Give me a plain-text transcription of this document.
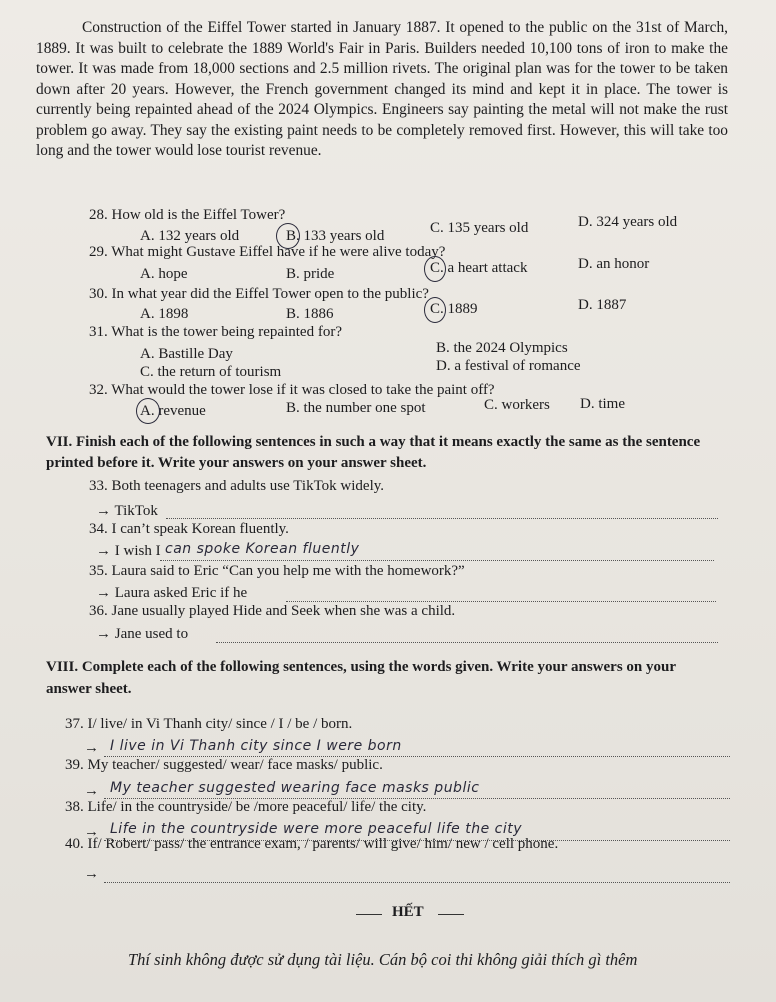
Construction of the Eiffel Tower started in January 1887. It opened to the public on the 31st of March, 1889. It was built to celebrate the 1889 World's Fair in Paris. Builders needed 10,100 tons of iron to make the tower. It was made from 18,000 sections and 2.5 million rivets. The original plan was for the tower to be taken down after 20 years. However, the French government changed its mind and kept it in place. The tower is currently being repainted ahead of the 2024 Olympics. Engineers say painting the metal will not make the rust problem go away. They say the existing paint needs to be completely removed first. However, this will take too long and the tower would lose tourist revenue.

28. How old is the Eiffel Tower?
A. 132 years old	B. 133 years old	C. 135 years old	D. 324 years old
29. What might Gustave Eiffel have if he were alive today?
A. hope	B. pride	C. a heart attack	D. an honor
30. In what year did the Eiffel Tower open to the public?
A. 1898	B. 1886	C. 1889	D. 1887
31. What is the tower being repainted for?
A. Bastille Day	B. the 2024 Olympics
C. the return of tourism	D. a festival of romance
32. What would the tower lose if it was closed to take the paint off?
A. revenue	B. the number one spot	C. workers D. time
VII. Finish each of the following sentences in such a way that it means exactly the same as the sentence printed before it. Write your answers on your answer sheet.
33. Both teenagers and adults use TikTok widely.
→ TikTok
34. I can’t speak Korean fluently.
→ I wish I can spoke Korean fluently
35. Laura said to Eric “Can you help me with the homework?”
→ Laura asked Eric if he
36. Jane usually played Hide and Seek when she was a child.
→ Jane used to
VIII. Complete each of the following sentences, using the words given. Write your answers on your answer sheet.
37. I/ live/ in Vi Thanh city/ since / I / be / born.
→ I live in Vi Thanh city since I were born
39. My teacher/ suggested/ wear/ face masks/ public.
→ My teacher suggested wearing face masks public
38. Life/ in the countryside/ be /more peaceful/ life/ the city.
→ Life in the countryside were more peaceful life the city
40. If/ Robert/ pass/ the entrance exam, / parents/ will give/ him/ new / cell phone.
→
HẾT
Thí sinh không được sử dụng tài liệu. Cán bộ coi thi không giải thích gì thêm
